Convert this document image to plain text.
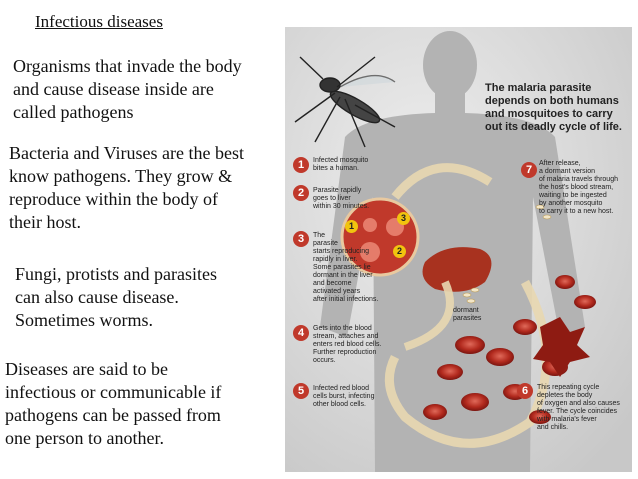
Infectious diseases
Organisms that invade the body
and cause disease inside are
called pathogens
Bacteria and Viruses are the best
know pathogens. They grow &
reproduce within the body of
their host.
Fungi, protists and parasites
can also cause disease.
Sometimes worms.
Diseases are said to be
infectious or communicable if
pathogens can be passed from
one person to another.
The malaria parasite
depends on both humans
and mosquitoes to carry
out its deadly cycle of life.
1	Infected mosquito
bites a human.
2	Parasite rapidly
goes to liver
within 30 minutes.
3	The
parasite
starts reproducing
rapidly in liver.
Some parasites lie
dormant in the liver
and become
activated years
after initial infections.
4	Gets into the blood
stream, attaches and
enters red blood cells.
Further reproduction
occurs.
5	Infected red blood
cells burst, infecting
other blood cells.
6	This repeating cycle
depletes the body
of oxygen and also causes
fever. The cycle coincides
with malaria's fever
and chills.
7
After release,
a dormant version
of malaria travels through
the host's blood stream,
waiting to be ingested
by another mosquito
to carry it to a new host.
dormant
parasites
1
2
3
